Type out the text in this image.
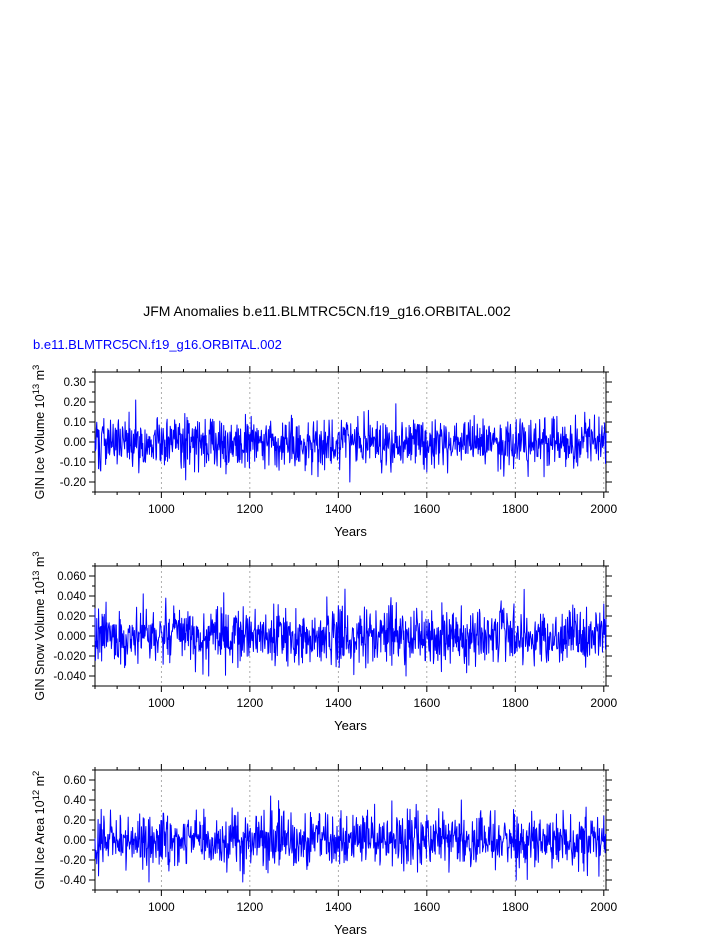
JFM Anomalies b.e11.BLMTRC5CN.f19_g16.ORBITAL.002
b.e11.BLMTRC5CN.f19_g16.ORBITAL.002
1000	1200	1400	1600	1800	2000
0.30
0.20
0.10
0.00
-0.10
-0.20
GIN Ice Volume $10^{13}$ $m^3$
Years
1000	1200	1400	1600	1800	2000
0.060
0.040
0.020
0.000
-0.020
-0.040
GIN Snow Volume $10^{13}$ $m^3$
Years
1000	1200	1400	1600	1800	2000
0.60
0.40
0.20
0.00
-0.20
-0.40
GIN Ice Area $10^{12}$ $m^2$
Years
